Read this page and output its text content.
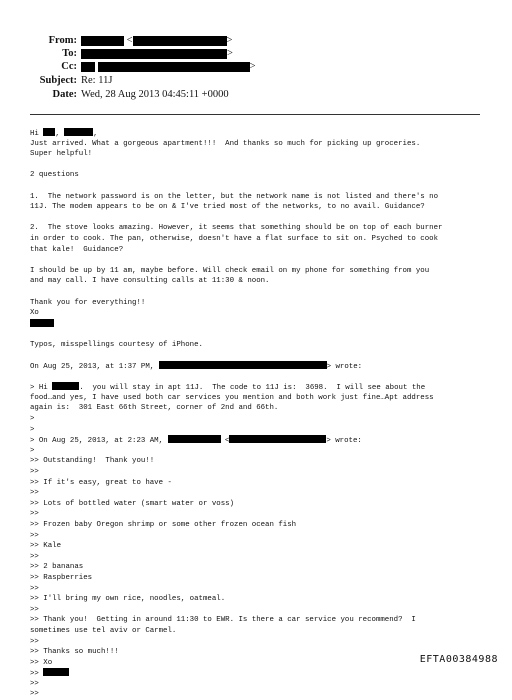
From:	<	>
To:	>
Cc:	>
Subject: Re: 11J
Date: Wed, 28 Aug 2013 04:45:11 +0000
Hi ,	,
Just arrived. What a gorgeous apartment!!!  And thanks so much for picking up groceries.
Super helpful!
2 questions
1.  The network password is on the letter, but the network name is not listed and there's no
11J. The modem appears to be on & I've tried most of the networks, to no avail. Guidance?
2.  The stove looks amazing. However, it seems that something should be on top of each burner
in order to cook. The pan, otherwise, doesn't have a flat surface to sit on. Psyched to cook
that kale!  Guidance?
I should be up by 11 am, maybe before. Will check email on my phone for something from you
and may call. I have consulting calls at 11:30 & noon.
Thank you for everything!!
Xo
Typos, misspellings courtesy of iPhone.
On Aug 25, 2013, at 1:37 PM,	> wrote:
> Hi	.  you will stay in apt 11J.  The code to 11J is:  3698.  I will see about the
food…and yes, I have used both car services you mention and both work just fine…Apt address
again is:  301 East 66th Street, corner of 2nd and 66th.
>
>
> On Aug 25, 2013, at 2:23 AM,	<	> wrote:
>
>> Outstanding!  Thank you!!
>>
>> If it's easy, great to have -
>>
>> Lots of bottled water (smart water or voss)
>>
>> Frozen baby Oregon shrimp or some other frozen ocean fish
>>
>> Kale
>>
>> 2 bananas
>> Raspberries
>>
>> I'll bring my own rice, noodles, oatmeal.
>>
>> Thank you!  Getting in around 11:30 to EWR. Is there a car service you recommend?  I
sometimes use tel aviv or Carmel.
>>
>> Thanks so much!!!
>> Xo
>>
>>
>>
EFTA00384988
